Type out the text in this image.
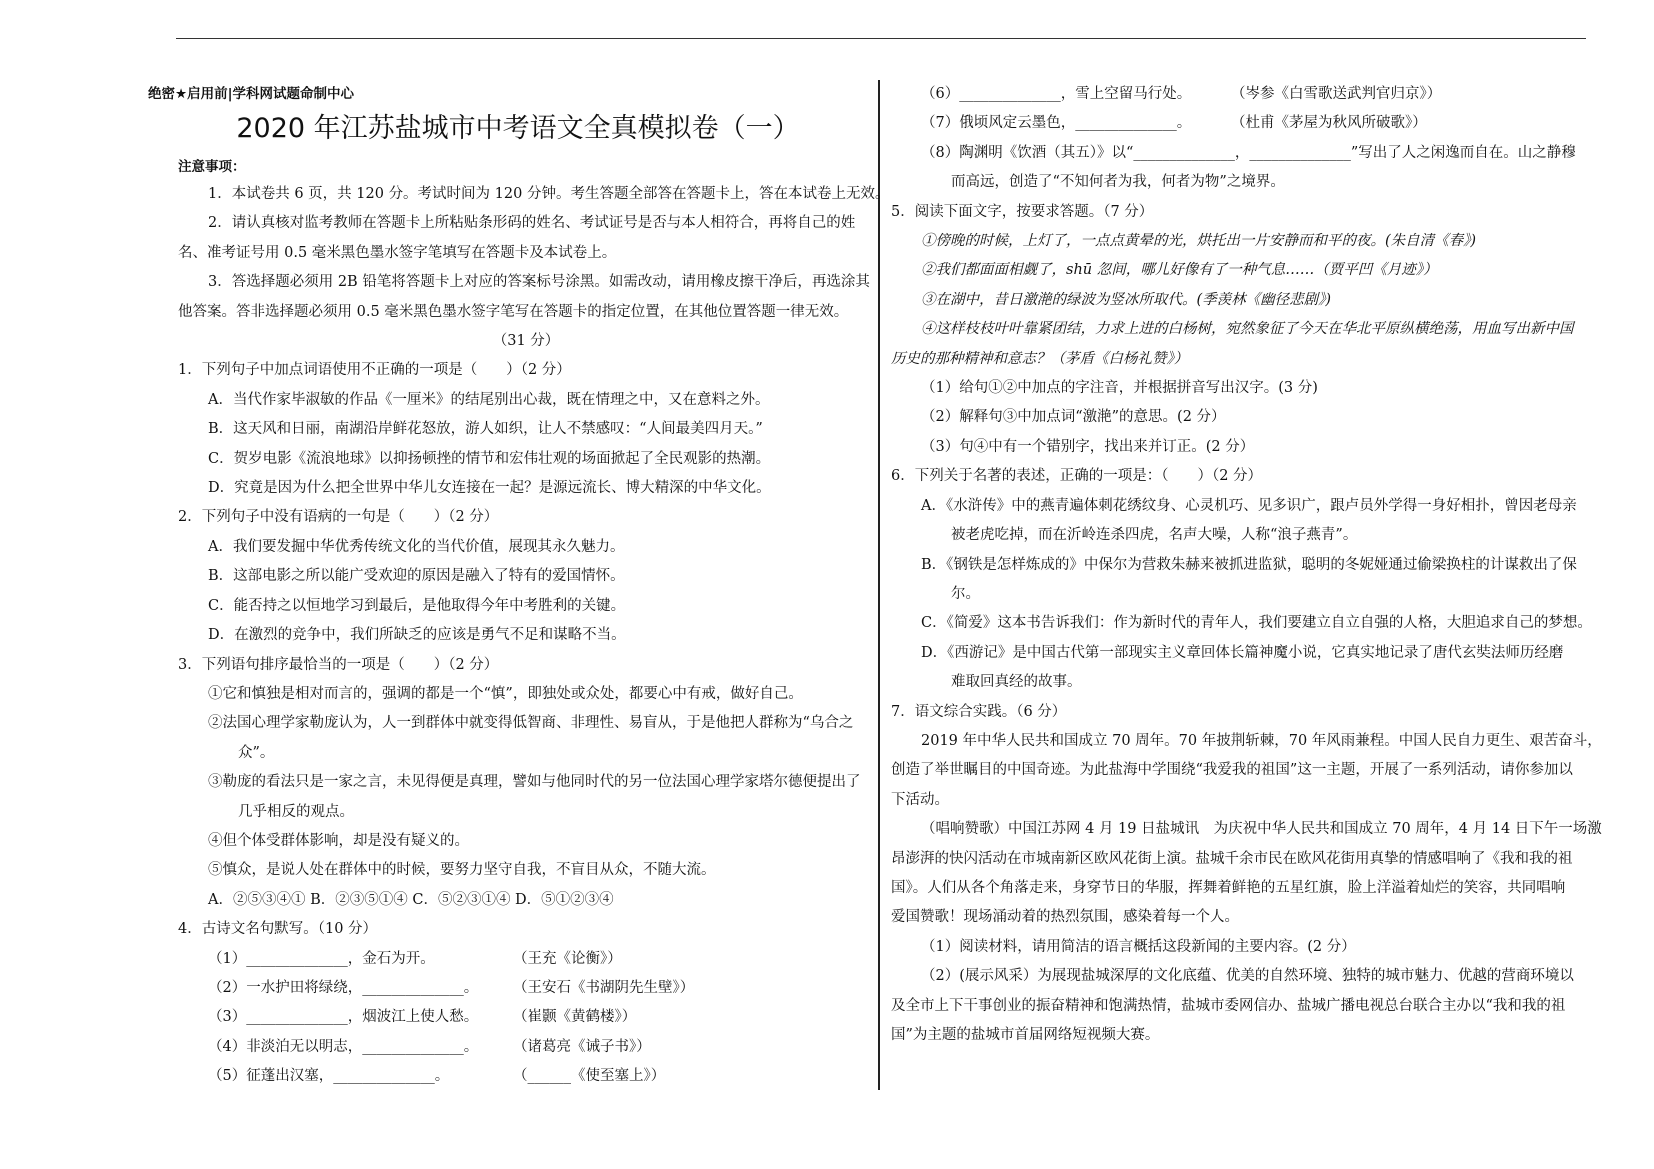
绝密★启用前|学科网试题命制中心
2020 年江苏盐城市中考语文全真模拟卷（一）
注意事项：
1．本试卷共 6 页，共 120 分。考试时间为 120 分钟。考生答题全部答在答题卡上，答在本试卷上无效。
2．请认真核对监考教师在答题卡上所粘贴条形码的姓名、考试证号是否与本人相符合，再将自己的姓
名、准考证号用 0.5 毫米黑色墨水签字笔填写在答题卡及本试卷上。
3．答选择题必须用 2B 铅笔将答题卡上对应的答案标号涂黑。如需改动，请用橡皮擦干净后，再选涂其
他答案。答非选择题必须用 0.5 毫米黑色墨水签字笔写在答题卡的指定位置，在其他位置答题一律无效。
（31 分）
1．下列句子中加点词语使用不正确的一项是（　　）（2 分）
A．当代作家毕淑敏的作品《一厘米》的结尾别出心裁，既在情理之中，又在意料之外。
B．这天风和日丽，南湖沿岸鲜花怒放，游人如织，让人不禁感叹：“人间最美四月天。”
C．贺岁电影《流浪地球》以抑扬顿挫的情节和宏伟壮观的场面掀起了全民观影的热潮。
D．究竟是因为什么把全世界中华儿女连接在一起？是源远流长、博大精深的中华文化。
2．下列句子中没有语病的一句是（　　）（2 分）
A．我们要发掘中华优秀传统文化的当代价值，展现其永久魅力。
B．这部电影之所以能广受欢迎的原因是融入了特有的爱国情怀。
C．能否持之以恒地学习到最后，是他取得今年中考胜利的关键。
D．在激烈的竞争中，我们所缺乏的应该是勇气不足和谋略不当。
3．下列语句排序最恰当的一项是（　　）（2 分）
①它和慎独是相对而言的，强调的都是一个“慎”，即独处或众处，都要心中有戒，做好自己。
②法国心理学家勒庞认为，人一到群体中就变得低智商、非理性、易盲从，于是他把人群称为“乌合之
众”。
③勒庞的看法只是一家之言，未见得便是真理，譬如与他同时代的另一位法国心理学家塔尔德便提出了
几乎相反的观点。
④但个体受群体影响，却是没有疑义的。
⑤慎众，是说人处在群体中的时候，要努力坚守自我，不盲目从众，不随大流。
A．②⑤③④① B．②③⑤①④ C．⑤②③①④ D．⑤①②③④
4．古诗文名句默写。（10 分）
（1）______________，金石为开。	（王充《论衡》）
（2）一水护田将绿绕，______________。 （王安石《书湖阴先生壁》）
（3）______________，烟波江上使人愁。 （崔颢《黄鹤楼》）
（4）非淡泊无以明志，______________。 （诸葛亮《诫子书》）
（5）征蓬出汉塞，______________。	（______《使至塞上》）
（6）______________，雪上空留马行处。	（岑参《白雪歌送武判官归京》）
（7）俄顷风定云墨色，______________。	（杜甫《茅屋为秋风所破歌》）
（8）陶渊明《饮酒（其五）》以“______________，______________”写出了人之闲逸而自在。山之静穆
而高远，创造了“不知何者为我，何者为物”之境界。
5．阅读下面文字，按要求答题。（7 分）
①傍晚的时候，上灯了，一点点黄晕的光，烘托出一片安静而和平的夜。(朱自清《春》)
②我们都面面相觑了，shū 忽间，哪儿好像有了一种气息……（贾平凹《月迹》）
③在湖中，昔日激滟的绿波为竖冰所取代。(季羡林《幽径悲剧》)
④这样枝枝叶叶靠紧团结，力求上进的白杨树，宛然象征了今天在华北平原纵横绝荡，用血写出新中国
历史的那种精神和意志？（茅盾《白杨礼赞》）
（1）给句①②中加点的字注音，并根据拼音写出汉字。(3 分)
（2）解释句③中加点词“激滟”的意思。(2 分）
（3）句④中有一个错别字，找出来并订正。(2 分）
6．下列关于名著的表述，正确的一项是：（　　）（2 分）
A．《水浒传》中的燕青遍体刺花绣纹身、心灵机巧、见多识广，跟卢员外学得一身好相扑，曾因老母亲
被老虎吃掉，而在沂岭连杀四虎，名声大噪，人称“浪子燕青”。
B．《钢铁是怎样炼成的》中保尔为营救朱赫来被抓进监狱，聪明的冬妮娅通过偷梁换柱的计谋救出了保
尔。
C．《简爱》这本书告诉我们：作为新时代的青年人，我们要建立自立自强的人格，大胆追求自己的梦想。
D．《西游记》是中国古代第一部现实主义章回体长篇神魔小说，它真实地记录了唐代玄奘法师历经磨
难取回真经的故事。
7．语文综合实践。（6 分）
2019 年中华人民共和国成立 70 周年。70 年披荆斩棘，70 年风雨兼程。中国人民自力更生、艰苦奋斗，
创造了举世瞩目的中国奇迹。为此盐海中学围绕“我爱我的祖国”这一主题，开展了一系列活动，请你参加以
下活动。
（唱响赞歌）中国江苏网 4 月 19 日盐城讯　为庆祝中华人民共和国成立 70 周年，4 月 14 日下午一场激
昂澎湃的快闪活动在市城南新区欧风花街上演。盐城千余市民在欧风花街用真挚的情感唱响了《我和我的祖
国》。人们从各个角落走来，身穿节日的华服，挥舞着鲜艳的五星红旗，脸上洋溢着灿烂的笑容，共同唱响
爱国赞歌！现场涌动着的热烈氛围，感染着每一个人。
（1）阅读材料，请用简洁的语言概括这段新闻的主要内容。(2 分）
（2）(展示风采）为展现盐城深厚的文化底蕴、优美的自然环境、独特的城市魅力、优越的营商环境以
及全市上下干事创业的振奋精神和饱满热情，盐城市委网信办、盐城广播电视总台联合主办以“我和我的祖
国”为主题的盐城市首届网络短视频大赛。
